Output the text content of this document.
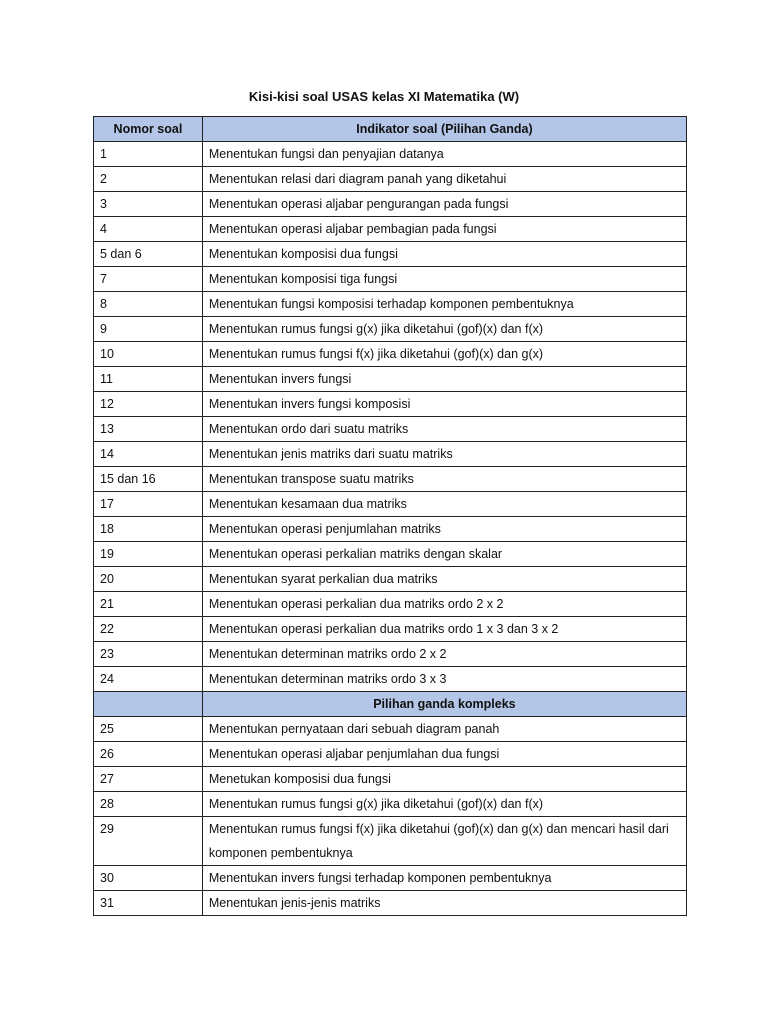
Kisi-kisi soal USAS kelas XI Matematika (W)
Nomor soal	Indikator soal (Pilihan Ganda)
1	Menentukan fungsi dan penyajian datanya
2	Menentukan relasi dari diagram panah yang diketahui
3	Menentukan operasi aljabar pengurangan pada fungsi
4	Menentukan operasi aljabar pembagian pada fungsi
5 dan 6	Menentukan komposisi dua fungsi
7	Menentukan komposisi tiga fungsi
8	Menentukan fungsi komposisi terhadap komponen pembentuknya
9	Menentukan rumus fungsi g(x) jika diketahui (gof)(x) dan f(x)
10	Menentukan rumus fungsi f(x) jika diketahui (gof)(x) dan g(x)
11	Menentukan invers fungsi
12	Menentukan invers fungsi komposisi
13	Menentukan ordo dari suatu matriks
14	Menentukan jenis matriks dari suatu matriks
15 dan 16	Menentukan transpose suatu matriks
17	Menentukan kesamaan dua matriks
18	Menentukan operasi penjumlahan matriks
19	Menentukan operasi perkalian matriks dengan skalar
20	Menentukan syarat perkalian dua matriks
21	Menentukan operasi perkalian dua matriks ordo 2 x 2
22	Menentukan operasi perkalian dua matriks ordo 1 x 3 dan 3 x 2
23	Menentukan determinan matriks ordo 2 x 2
24	Menentukan determinan matriks ordo 3 x 3
	Pilihan ganda kompleks
25	Menentukan pernyataan dari sebuah diagram panah
26	Menentukan operasi aljabar penjumlahan dua fungsi
27	Menetukan komposisi dua fungsi
28	Menentukan rumus fungsi g(x) jika diketahui (gof)(x) dan f(x)
29	Menentukan rumus fungsi f(x) jika diketahui (gof)(x) dan g(x) dan mencari hasil dari komponen pembentuknya
30	Menentukan invers fungsi terhadap komponen pembentuknya
31	Menentukan jenis-jenis matriks
